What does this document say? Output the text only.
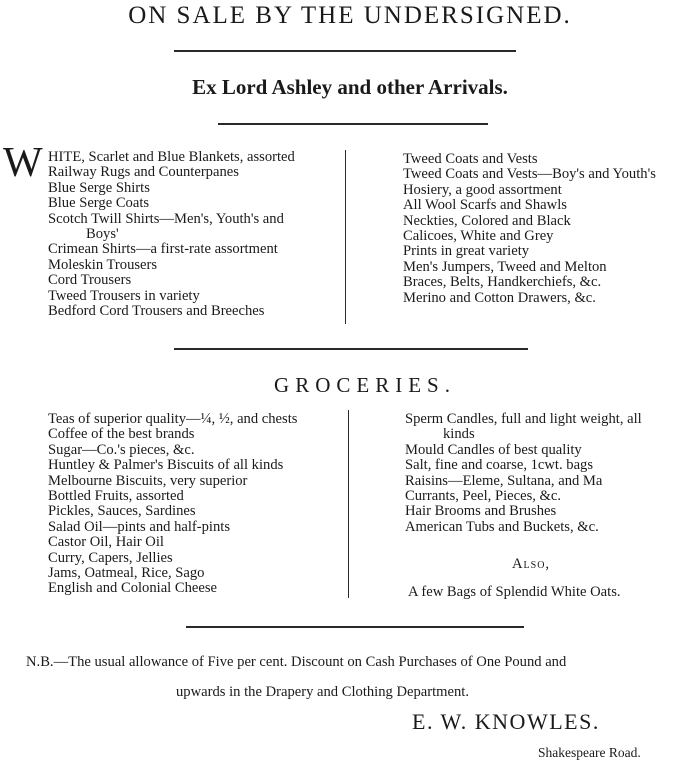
ON SALE BY THE UNDERSIGNED.
Ex Lord Ashley and other Arrivals.
W HITE, Scarlet and Blue Blankets, assorted
Railway Rugs and Counterpanes
Blue Serge Shirts
Blue Serge Coats
Scotch Twill Shirts—Men's, Youth's and
Boys'
Crimean Shirts—a first-rate assortment
Moleskin Trousers
Cord Trousers
Tweed Trousers in variety
Bedford Cord Trousers and Breeches
Tweed Coats and Vests
Tweed Coats and Vests—Boy's and Youth's
Hosiery, a good assortment
All Wool Scarfs and Shawls
Neckties, Colored and Black
Calicoes, White and Grey
Prints in great variety
Men's Jumpers, Tweed and Melton
Braces, Belts, Handkerchiefs, &c.
Merino and Cotton Drawers, &c.
GROCERIES.
Teas of superior quality—¼, ½, and chests
Coffee of the best brands
Sugar—Co.'s pieces, &c.
Huntley & Palmer's Biscuits of all kinds
Melbourne Biscuits, very superior
Bottled Fruits, assorted
Pickles, Sauces, Sardines
Salad Oil—pints and half-pints
Castor Oil, Hair Oil
Curry, Capers, Jellies
Jams, Oatmeal, Rice, Sago
English and Colonial Cheese
Sperm Candles, full and light weight, all
kinds
Mould Candles of best quality
Salt, fine and coarse, 1cwt. bags
Raisins—Eleme, Sultana, and Ma
Currants, Peel, Pieces, &c.
Hair Brooms and Brushes
American Tubs and Buckets, &c.
Also,
A few Bags of Splendid White Oats.
N.B.—The usual allowance of Five per cent. Discount on Cash Purchases of One Pound and
upwards in the Drapery and Clothing Department.
E. W. KNOWLES.
Shakespeare Road.
